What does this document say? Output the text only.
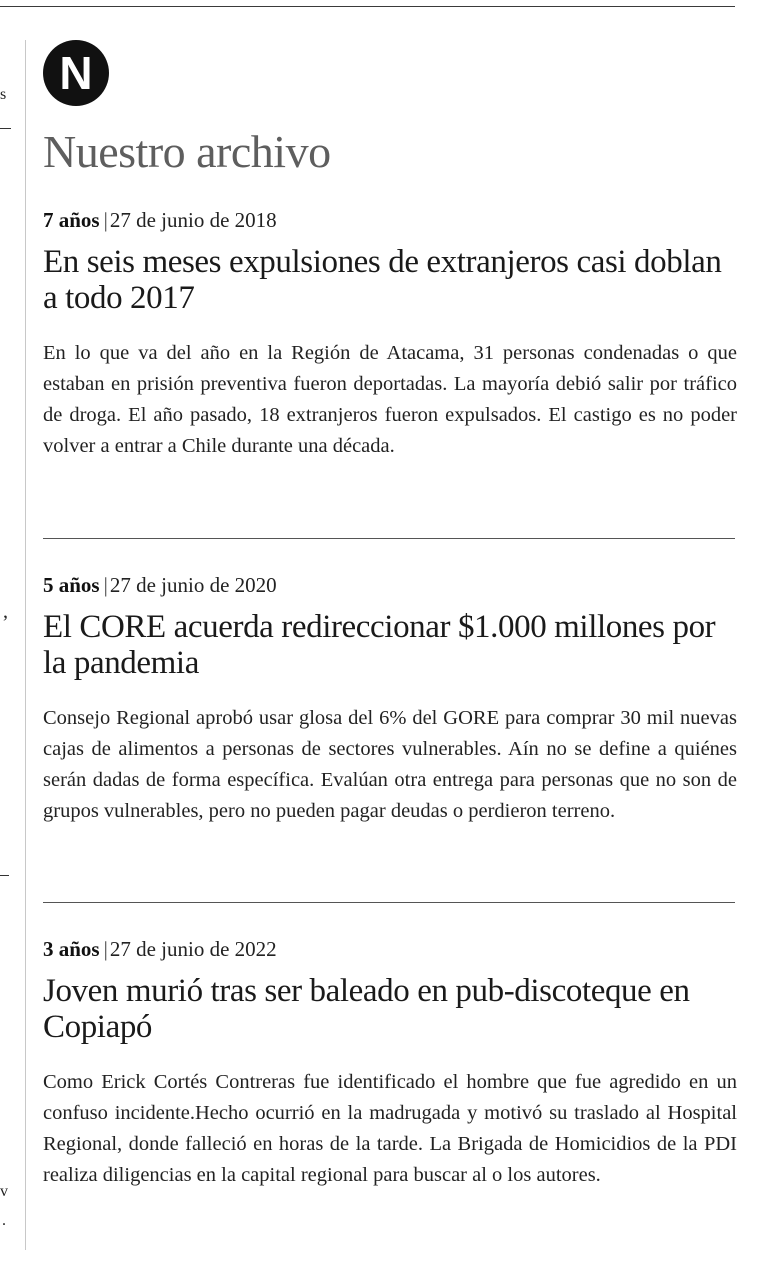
s
ʼ
v
.
N
Nuestro archivo
7 años |27 de junio de 2018
En seis meses expulsiones de extranjeros casi doblan a todo 2017

En lo que va del año en la Región de Atacama, 31 personas condenadas o que estaban en prisión preventiva fueron deportadas. La mayoría debió salir por tráfico de droga. El año pasado, 18 extranjeros fueron expulsados. El castigo es no poder volver a entrar a Chile durante una década.

5 años |27 de junio de 2020
El CORE acuerda redireccionar $1.000 millones por la pandemia

Consejo Regional aprobó usar glosa del 6% del GORE para comprar 30 mil nuevas cajas de alimentos a personas de sectores vulnerables. Aín no se define a quiénes serán dadas de forma específica. Evalúan otra entrega para personas que no son de grupos vulnerables, pero no pueden pagar deudas o perdieron terreno.

3 años |27 de junio de 2022
Joven murió tras ser baleado en pub-discoteque en Copiapó

Como Erick Cortés Contreras fue identificado el hombre que fue agredido en un confuso incidente.Hecho ocurrió en la madrugada y motivó su traslado al Hospital Regional, donde falleció en horas de la tarde. La Brigada de Homicidios de la PDI realiza diligencias en la capital regional para buscar al o los autores.
